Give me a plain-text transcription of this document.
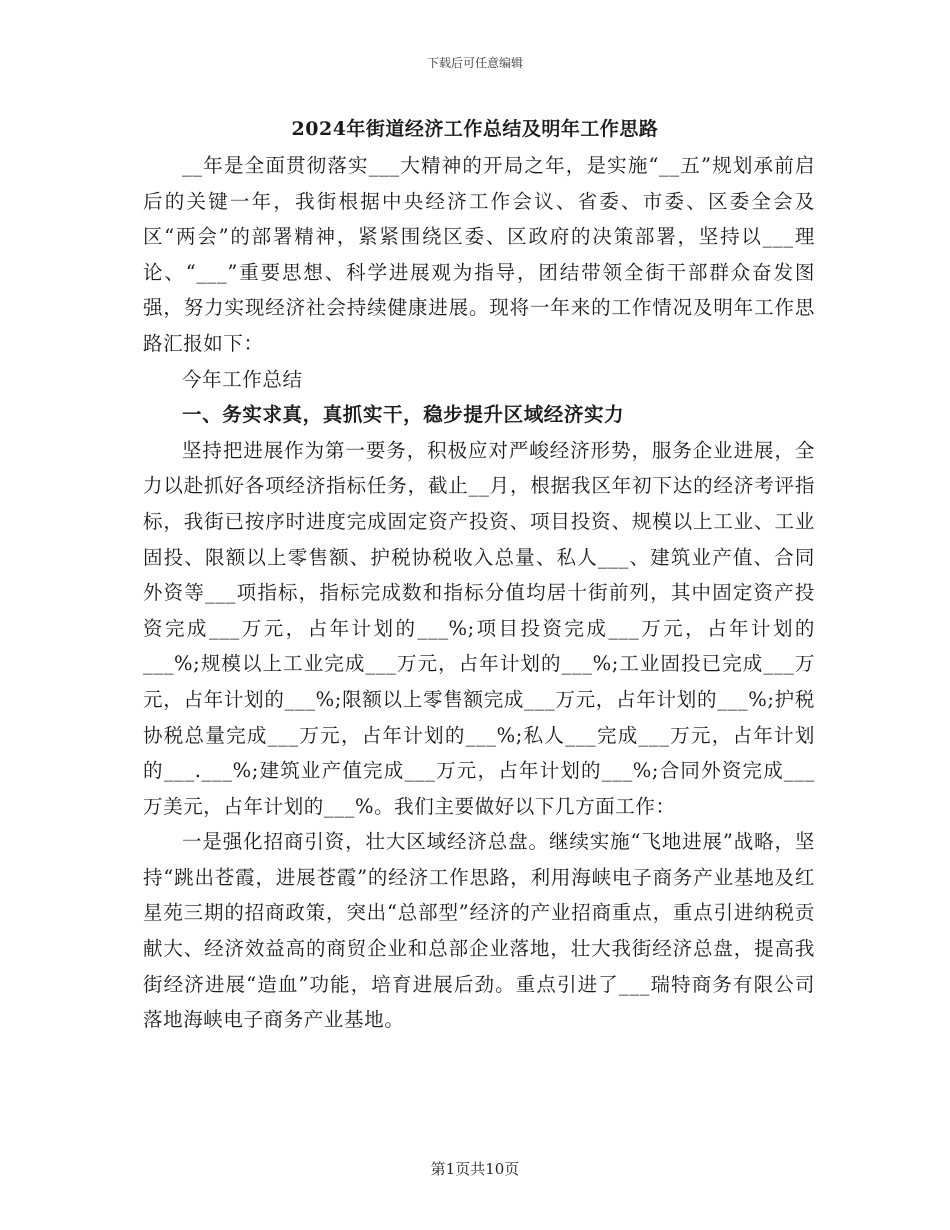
下载后可任意编辑
2024年街道经济工作总结及明年工作思路

__年是全面贯彻落实___大精神的开局之年，是实施“__五”规划承前启后的关键一年，我街根据中央经济工作会议、省委、市委、区委全会及区“两会”的部署精神，紧紧围绕区委、区政府的决策部署，坚持以___理论、“___”重要思想、科学进展观为指导，团结带领全街干部群众奋发图强，努力实现经济社会持续健康进展。现将一年来的工作情况及明年工作思路汇报如下：

今年工作总结

一、务实求真，真抓实干，稳步提升区域经济实力

坚持把进展作为第一要务，积极应对严峻经济形势，服务企业进展，全力以赴抓好各项经济指标任务，截止__月，根据我区年初下达的经济考评指标，我街已按序时进度完成固定资产投资、项目投资、规模以上工业、工业固投、限额以上零售额、护税协税收入总量、私人___、建筑业产值、合同外资等___项指标，指标完成数和指标分值均居十街前列，其中固定资产投资完成___万元，占年计划的___%;项目投资完成___万元，占年计划的___%;规模以上工业完成___万元，占年计划的___%;工业固投已完成___万元，占年计划的___%;限额以上零售额完成___万元，占年计划的___%;护税协税总量完成___万元，占年计划的___%;私人___完成___万元，占年计划的___.___%;建筑业产值完成___万元，占年计划的___%;合同外资完成___万美元，占年计划的___%。我们主要做好以下几方面工作：

一是强化招商引资，壮大区域经济总盘。继续实施“飞地进展”战略，坚持“跳出苍霞，进展苍霞”的经济工作思路，利用海峡电子商务产业基地及红星苑三期的招商政策，突出“总部型”经济的产业招商重点，重点引进纳税贡献大、经济效益高的商贸企业和总部企业落地，壮大我街经济总盘，提高我街经济进展“造血”功能，培育进展后劲。重点引进了___瑞特商务有限公司落地海峡电子商务产业基地。

第1页共10页
